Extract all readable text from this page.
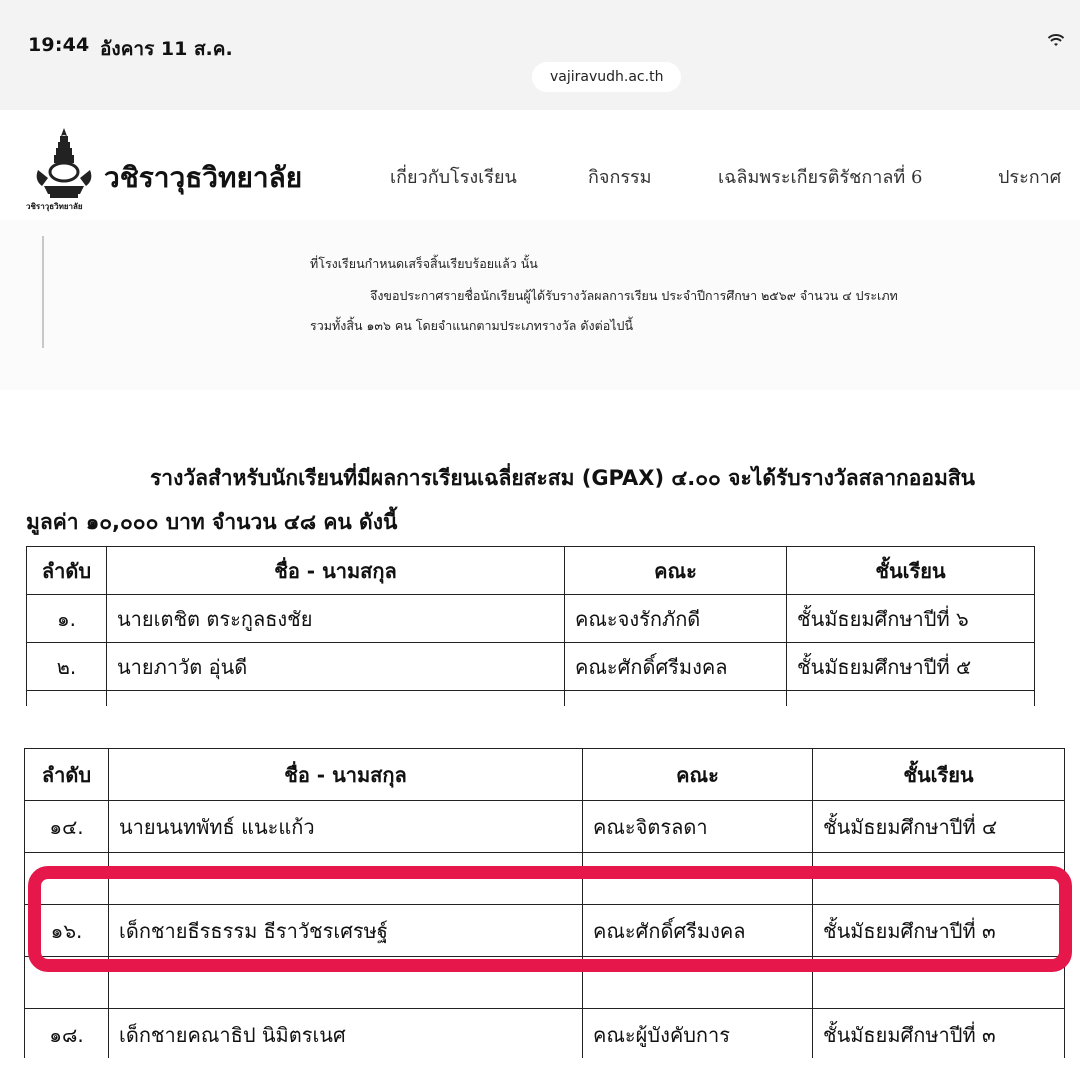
19:44 อังคาร 11 ส.ค.
vajiravudh.ac.th
วชิราวุธวิทยาลัย
วชิราวุธวิทยาลัย	เกี่ยวกับโรงเรียน	กิจกรรม	เฉลิมพระเกียรติรัชกาลที่ 6	ประกาศ
ที่โรงเรียนกำหนดเสร็จสิ้นเรียบร้อยแล้ว นั้น
จึงขอประกาศรายชื่อนักเรียนผู้ได้รับรางวัลผลการเรียน ประจำปีการศึกษา ๒๕๖๙ จำนวน ๔ ประเภท
รวมทั้งสิ้น ๑๓๖ คน โดยจำแนกตามประเภทรางวัล ดังต่อไปนี้
รางวัลสำหรับนักเรียนที่มีผลการเรียนเฉลี่ยสะสม (GPAX) ๔.๐๐ จะได้รับรางวัลสลากออมสิน
มูลค่า ๑๐,๐๐๐ บาท จำนวน ๔๘ คน ดังนี้
ลำดับ	ชื่อ - นามสกุล	คณะ	ชั้นเรียน
๑.	นายเตชิต ตระกูลธงชัย	คณะจงรักภักดี	ชั้นมัธยมศึกษาปีที่ ๖
๒.	นายภาวัต อุ่นดี	คณะศักดิ์ศรีมงคล	ชั้นมัธยมศึกษาปีที่ ๕

ลำดับ	ชื่อ - นามสกุล	คณะ	ชั้นเรียน
๑๔.	นายนนทพัทธ์ แนะแก้ว	คณะจิตรลดา	ชั้นมัธยมศึกษาปีที่ ๔

๑๖.	เด็กชายธีรธรรม ธีราวัชรเศรษฐ์	คณะศักดิ์ศรีมงคล	ชั้นมัธยมศึกษาปีที่ ๓

๑๘.	เด็กชายคณาธิป นิมิตรเนศ	คณะผู้บังคับการ	ชั้นมัธยมศึกษาปีที่ ๓
